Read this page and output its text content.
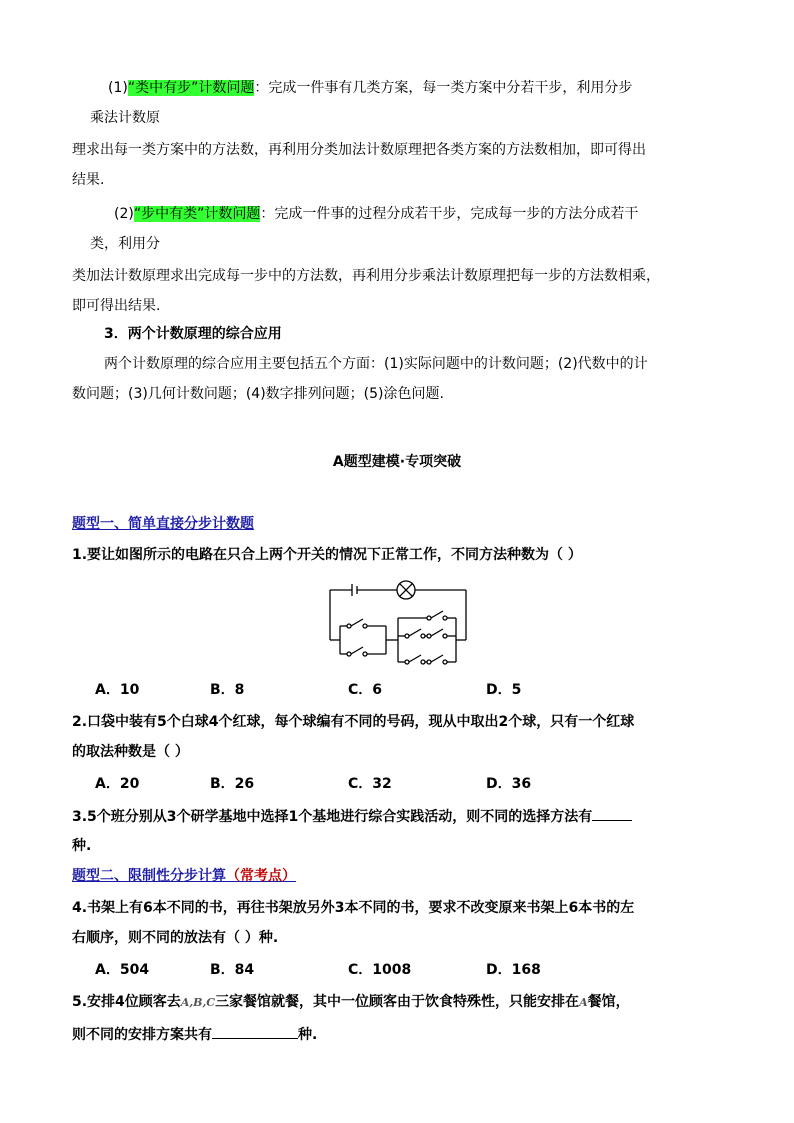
(1)“类中有步”计数问题：完成一件事有几类方案，每一类方案中分若干步，利用分步
乘法计数原
理求出每一类方案中的方法数，再利用分类加法计数原理把各类方案的方法数相加，即可得出
结果.
(2)“步中有类”计数问题：完成一件事的过程分成若干步，完成每一步的方法分成若干
类，利用分
类加法计数原理求出完成每一步中的方法数，再利用分步乘法计数原理把每一步的方法数相乘，
即可得出结果.
3．两个计数原理的综合应用
两个计数原理的综合应用主要包括五个方面：(1)实际问题中的计数问题；(2)代数中的计
数问题；(3)几何计数问题；(4)数字排列问题；(5)涂色问题.
A题型建模·专项突破
题型一、简单直接分步计数题
1.要让如图所示的电路在只合上两个开关的情况下正常工作，不同方法种数为（ ）
A．10	B．8	C．6	D．5
2.口袋中装有5个白球4个红球，每个球编有不同的号码，现从中取出2个球，只有一个红球
的取法种数是（ ）
A．20	B．26	C．32	D．36
3.5个班分别从3个研学基地中选择1个基地进行综合实践活动，则不同的选择方法有
种.
题型二、限制性分步计算（常考点）
4.书架上有6本不同的书，再往书架放另外3本不同的书，要求不改变原来书架上6本书的左
右顺序，则不同的放法有（ ）种.
A．504	B．84	C．1008	D．168
5.安排4位顾客去A,B,C三家餐馆就餐，其中一位顾客由于饮食特殊性，只能安排在A餐馆，
则不同的安排方案共有	种.
